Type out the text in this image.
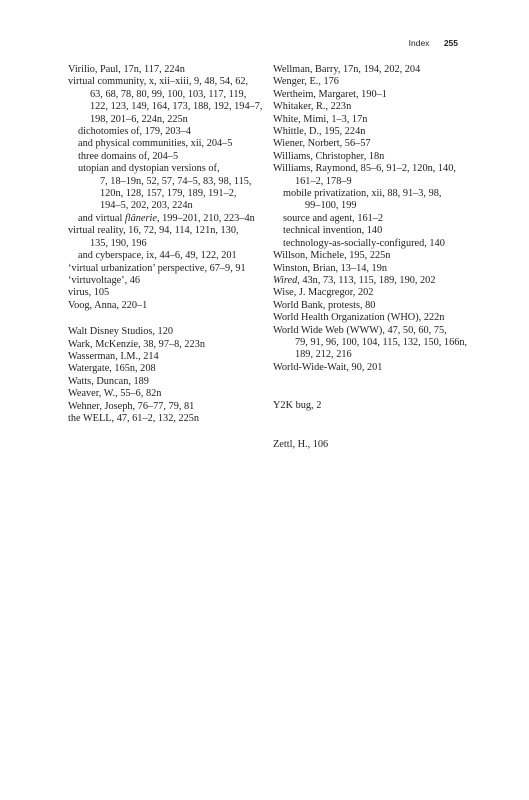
Index 255

Virilio, Paul, 17n, 117, 224n

virtual community, x, xii–xiii, 9, 48, 54, 62,

63, 68, 78, 80, 99, 100, 103, 117, 119,

122, 123, 149, 164, 173, 188, 192, 194–7,

198, 201–6, 224n, 225n

dichotomies of, 179, 203–4

and physical communities, xii, 204–5

three domains of, 204–5

utopian and dystopian versions of,

7, 18–19n, 52, 57, 74–5, 83, 98, 115,

120n, 128, 157, 179, 189, 191–2,

194–5, 202, 203, 224n

and virtual flânerie, 199–201, 210, 223–4n

virtual reality, 16, 72, 94, 114, 121n, 130,

135, 190, 196

and cyberspace, ix, 44–6, 49, 122, 201

‘virtual urbanization’ perspective, 67–9, 91

‘virtuvoltage’, 46

virus, 105

Voog, Anna, 220–1

Walt Disney Studios, 120

Wark, McKenzie, 38, 97–8, 223n

Wasserman, I.M., 214

Watergate, 165n, 208

Watts, Duncan, 189

Weaver, W., 55–6, 82n

Wehner, Joseph, 76–77, 79, 81

the WELL, 47, 61–2, 132, 225n

Wellman, Barry, 17n, 194, 202, 204

Wenger, E., 176

Wertheim, Margaret, 190–1

Whitaker, R., 223n

White, Mimi, 1–3, 17n

Whittle, D., 195, 224n

Wiener, Norbert, 56–57

Williams, Christopher, 18n

Williams, Raymond, 85–6, 91–2, 120n, 140,

161–2, 178–9

mobile privatization, xii, 88, 91–3, 98,

99–100, 199

source and agent, 161–2

technical invention, 140

technology-as-socially-configured, 140

Willson, Michele, 195, 225n

Winston, Brian, 13–14, 19n

Wired, 43n, 73, 113, 115, 189, 190, 202

Wise, J. Macgregor, 202

World Bank, protests, 80

World Health Organization (WHO), 222n

World Wide Web (WWW), 47, 50, 60, 75,

79, 91, 96, 100, 104, 115, 132, 150, 166n,

189, 212, 216

World-Wide-Wait, 90, 201

Y2K bug, 2

Zettl, H., 106
